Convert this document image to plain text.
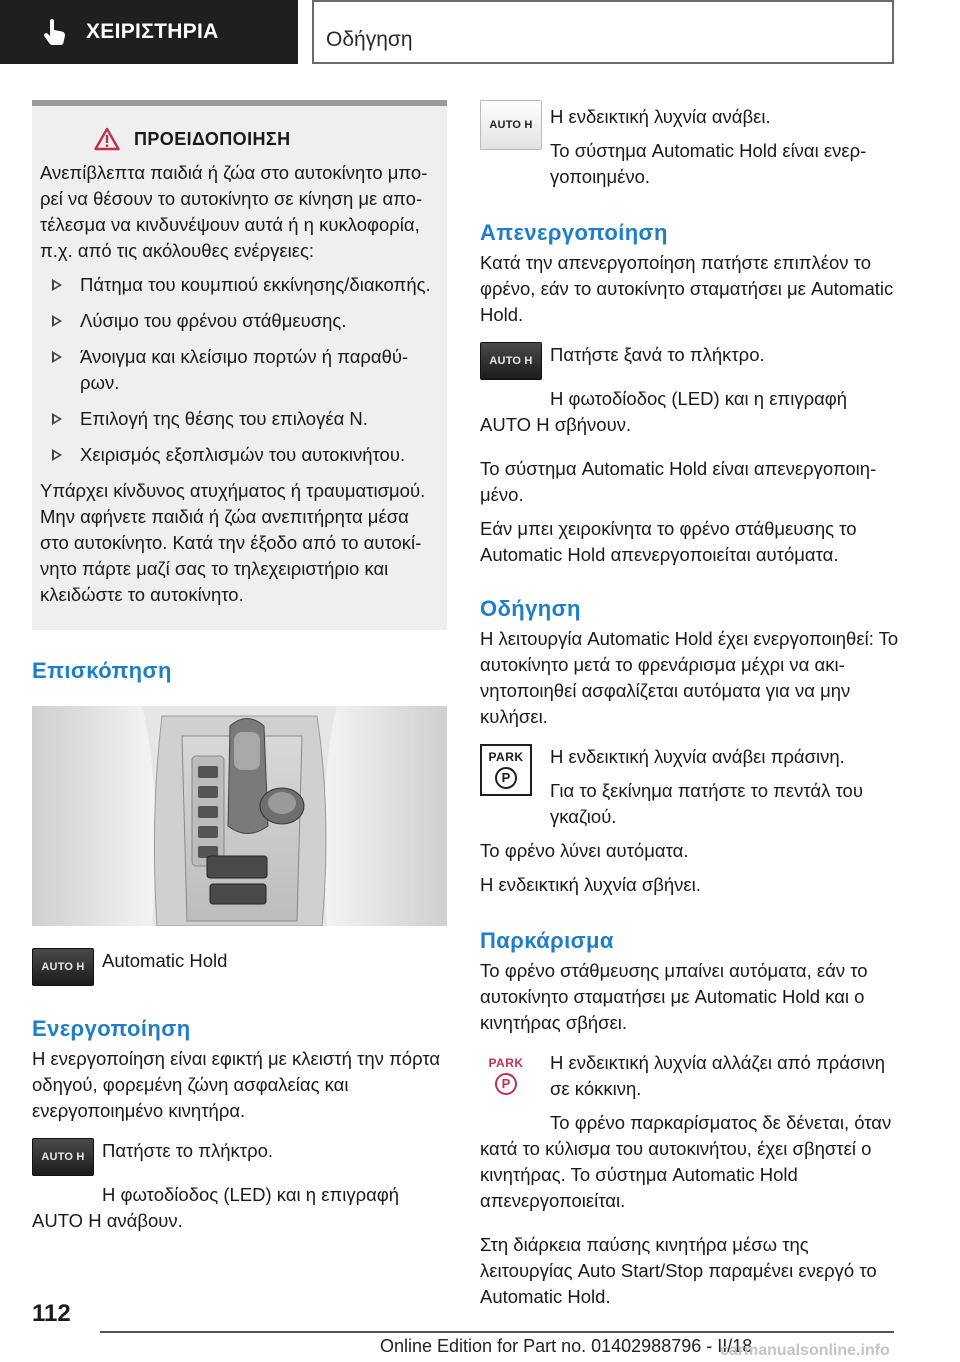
ΧΕΙΡΙΣΤΗΡΙΑ	Οδήγηση
ΠΡΟΕΙΔΟΠΟΙΗΣΗ

Ανεπίβλεπτα παιδιά ή ζώα στο αυτοκίνητο μπορεί να θέσουν το αυτοκίνητο σε κίνηση με αποτέλεσμα να κινδυνέψουν αυτά ή η κυκλοφορία, π.χ. από τις ακόλουθες ενέργειες:

Πάτημα του κουμπιού εκκίνησης/διακοπής.
Λύσιμο του φρένου στάθμευσης.
Άνοιγμα και κλείσιμο πορτών ή παραθύρων.
Επιλογή της θέσης του επιλογέα N.
Χειρισμός εξοπλισμών του αυτοκινήτου.

Υπάρχει κίνδυνος ατυχήματος ή τραυματισμού. Μην αφήνετε παιδιά ή ζώα ανεπιτήρητα μέσα στο αυτοκίνητο. Κατά την έξοδο από το αυτοκίνητο πάρτε μαζί σας το τηλεχειριστήριο και κλειδώστε το αυτοκίνητο.

Επισκόπηση
AUTO H Automatic Hold
Ενεργοποίηση

Η ενεργοποίηση είναι εφικτή με κλειστή την πόρτα οδηγού, φορεμένη ζώνη ασφαλείας και ενεργοποιημένο κινητήρα.

AUTO H Πατήστε το πλήκτρο.

Η φωτοδίοδος (LED) και η επιγραφή AUTO H ανάβουν.

AUTO H Η ενδεικτική λυχνία ανάβει.

Το σύστημα Automatic Hold είναι ενεργοποιημένο.

Απενεργοποίηση

Κατά την απενεργοποίηση πατήστε επιπλέον το φρένο, εάν το αυτοκίνητο σταματήσει με Automatic Hold.

AUTO H Πατήστε ξανά το πλήκτρο.

Η φωτοδίοδος (LED) και η επιγραφή AUTO H σβήνουν.

Το σύστημα Automatic Hold είναι απενεργοποιημένο.

Εάν μπει χειροκίνητα το φρένο στάθμευσης το Automatic Hold απενεργοποιείται αυτόματα.

Οδήγηση

Η λειτουργία Automatic Hold έχει ενεργοποιηθεί: Το αυτοκίνητο μετά το φρενάρισμα μέχρι να ακινητοποιηθεί ασφαλίζεται αυτόματα για να μην κυλήσει.

PARK
P

Η ενδεικτική λυχνία ανάβει πράσινη.

Για το ξεκίνημα πατήστε το πεντάλ του γκαζιού.

Το φρένο λύνει αυτόματα.

Η ενδεικτική λυχνία σβήνει.

Παρκάρισμα

Το φρένο στάθμευσης μπαίνει αυτόματα, εάν το αυτοκίνητο σταματήσει με Automatic Hold και ο κινητήρας σβήσει.

PARK
P

Η ενδεικτική λυχνία αλλάζει από πράσινη σε κόκκινη.

Το φρένο παρκαρίσματος δε δένεται, όταν κατά το κύλισμα του αυτοκινήτου, έχει σβηστεί ο κινητήρας. Το σύστημα Automatic Hold απενεργοποιείται.

Στη διάρκεια παύσης κινητήρα μέσω της λειτουργίας Auto Start/Stop παραμένει ενεργό το Automatic Hold.

112
Online Edition for Part no. 01402988796 - II/18
carmanualsonline.info
